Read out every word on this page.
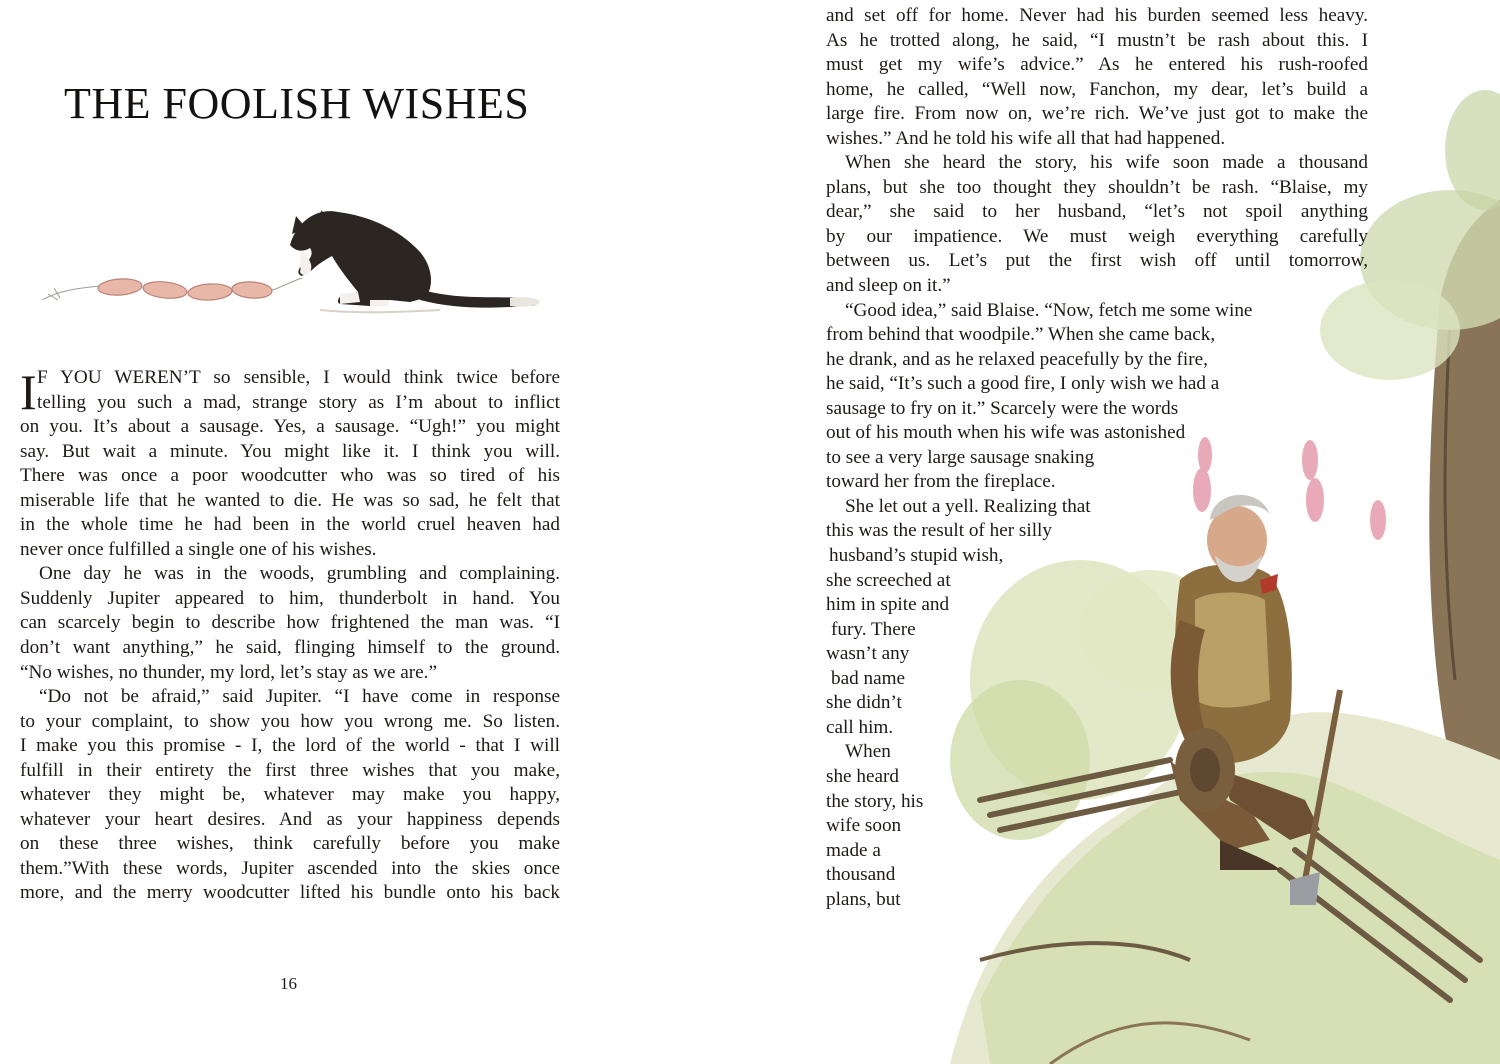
THE FOOLISH WISHES
I F YOU WEREN’T so sensible, I would think twice before
telling you such a mad, strange story as I’m about to inflict
on you. It’s about a sausage. Yes, a sausage. “Ugh!” you might
say. But wait a minute. You might like it. I think you will.
There was once a poor woodcutter who was so tired of his
miserable life that he wanted to die. He was so sad, he felt that
in the whole time he had been in the world cruel heaven had
never once fulfilled a single one of his wishes.
One day he was in the woods, grumbling and complaining.
Suddenly Jupiter appeared to him, thunderbolt in hand. You
can scarcely begin to describe how frightened the man was. “I
don’t want anything,” he said, flinging himself to the ground.
“No wishes, no thunder, my lord, let’s stay as we are.”
“Do not be afraid,” said Jupiter. “I have come in response
to your complaint, to show you how you wrong me. So listen.
I make you this promise - I, the lord of the world - that I will
fulfill in their entirety the first three wishes that you make,
whatever they might be, whatever may make you happy,
whatever your heart desires. And as your happiness depends
on these three wishes, think carefully before you make
them.”With these words, Jupiter ascended into the skies once
more, and the merry woodcutter lifted his bundle onto his back
16
and set off for home. Never had his burden seemed less heavy.
As he trotted along, he said, “I mustn’t be rash about this. I
must get my wife’s advice.” As he entered his rush-roofed
home, he called, “Well now, Fanchon, my dear, let’s build a
large fire. From now on, we’re rich. We’ve just got to make the
wishes.” And he told his wife all that had happened.
When she heard the story, his wife soon made a thousand
plans, but she too thought they shouldn’t be rash. “Blaise, my
dear,” she said to her husband, “let’s not spoil anything
by our impatience. We must weigh everything carefully
between us. Let’s put the first wish off until tomorrow,
and sleep on it.”
“Good idea,” said Blaise. “Now, fetch me some wine
from behind that woodpile.” When she came back,
he drank, and as he relaxed peacefully by the fire,
he said, “It’s such a good fire, I only wish we had a
sausage to fry on it.” Scarcely were the words
out of his mouth when his wife was astonished
to see a very large sausage snaking
toward her from the fireplace.
She let out a yell. Realizing that
this was the result of her silly
husband’s stupid wish,
she screeched at
him in spite and
fury. There
wasn’t any
bad name
she didn’t
call him.
When
she heard
the story, his
wife soon
made a
thousand
plans, but
